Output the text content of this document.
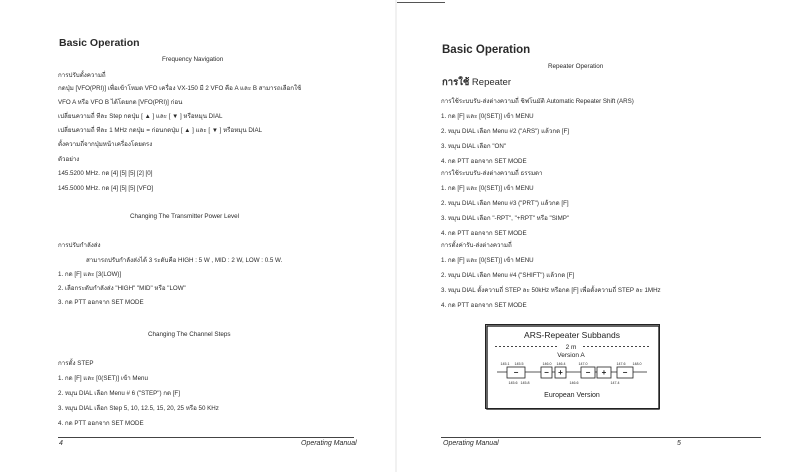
Basic Operation
Frequency Navigation
การปรับตั้งความถี่
กดปุ่ม [VFO(PRI)] เพื่อเข้าโหมด VFO เครื่อง VX-150 มี 2 VFO คือ A และ B สามารถเลือกใช้
VFO A หรือ VFO B ได้โดยกด [VFO(PRI)] ก่อน
เปลี่ยนความถี่ ทีละ Step กดปุ่ม [ ▲ ] และ [ ▼ ] หรือหมุน DIAL
เปลี่ยนความถี่ ทีละ 1 MHz กดปุ่ม = ก่อนกดปุ่ม [ ▲ ] และ [ ▼ ] หรือหมุน DIAL
ตั้งความถี่จากปุ่มหน้าเครื่องโดยตรง
ตัวอย่าง
145.5200 MHz. กด [4] [5] [5] [2] [0]
145.5000 MHz. กด [4] [5] [5] [VFO]
Changing The Transmitter Power Level
การปรับกำลังส่ง
สามารถปรับกำลังส่งได้ 3 ระดับคือ HIGH : 5 W , MID : 2 W, LOW : 0.5 W.
1. กด [F] และ [3(LOW)]
2. เลือกระดับกำลังส่ง "HIGH" "MID" หรือ "LOW"
3. กด PTT ออกจาก SET MODE
Changing The Channel Steps
การตั้ง STEP
1. กด [F] และ [0(SET)] เข้า Menu
2. หมุน DIAL เลือก Menu # 6 ("STEP") กด [F]
3. หมุน DIAL เลือก Step 5, 10, 12.5, 15, 20, 25 หรือ 50 KHz
4. กด PTT ออกจาก SET MODE
4	Operating Manual
Basic Operation
Repeater Operation
การใช้ Repeater
การใช้ระบบรับ-ส่งต่างความถี่ ชิฟโนมัติ Automatic Repeater Shift (ARS)
1. กด [F] และ [0(SET)] เข้า MENU
2. หมุน DIAL เลือก Menu #2 ("ARS") แล้วกด [F]
3. หมุน DIAL เลือก "ON"
4. กด PTT ออกจาก SET MODE
การใช้ระบบรับ-ส่งต่างความถี่ ธรรมดา
1. กด [F] และ [0(SET)] เข้า MENU
2. หมุน DIAL เลือก Menu #3 ("PRT") แล้วกด [F]
3. หมุน DIAL เลือก "-RPT", "+RPT" หรือ "SIMP"
4. กด PTT ออกจาก SET MODE
การตั้งค่ารับ-ส่งต่างความถี่
1. กด [F] และ [0(SET)] เข้า MENU
2. หมุน DIAL เลือก Menu #4 ("SHIFT") แล้วกด [F]
3. หมุน DIAL ตั้งความถี่ STEP ละ 50kHz หรือกด [F] เพื่อตั้งความถี่ STEP ละ 1MHz
4. กด PTT ออกจาก SET MODE
ARS-Repeater Subbands
2 m
Version A
145.1 145.5	146.0 146.4	147.0	147.6 148.0
−	− +	− + −
145.6 145.8	146.6	147.4
European Version
Operating Manual	5
